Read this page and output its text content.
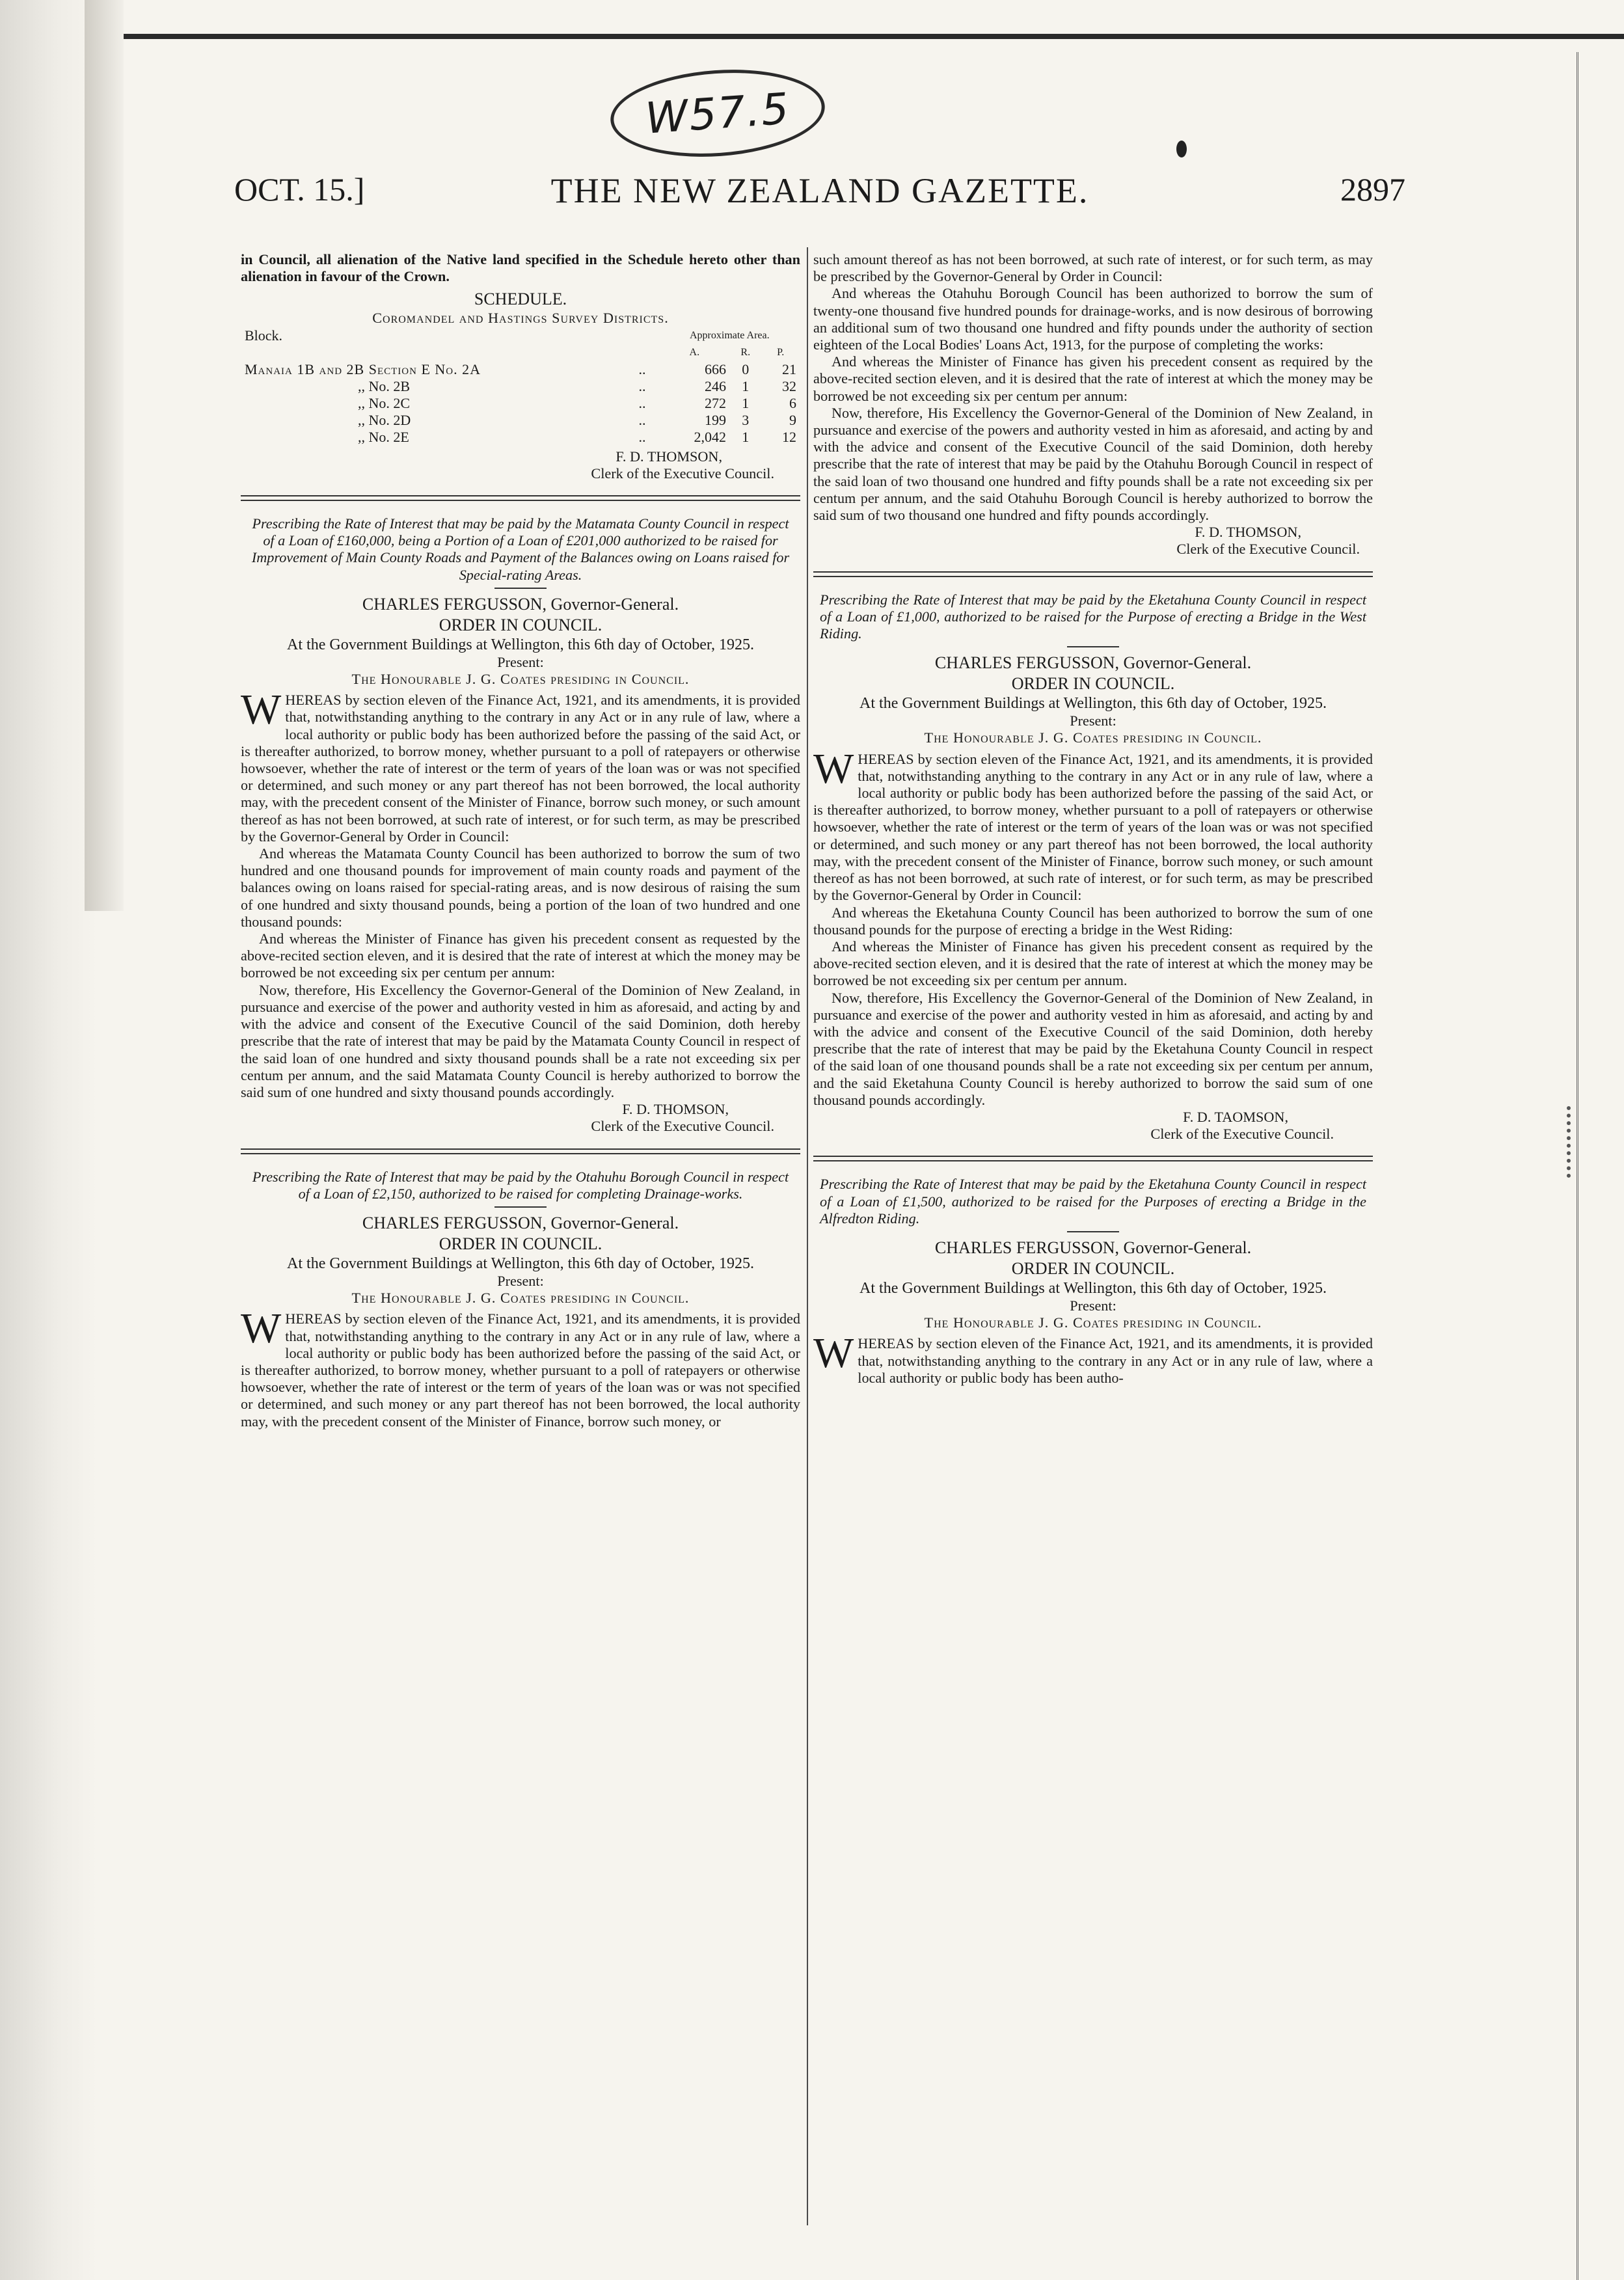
W57.5
OCT. 15.]	THE NEW ZEALAND GAZETTE.	2897

in Council, all alienation of the Native land specified in the Schedule hereto other than alienation in favour of the Crown.

SCHEDULE.

Coromandel and Hastings Survey Districts.

Block.		Approximate Area.		
		A.	R.	P.
Manaia 1B and 2B Section E No. 2A	..	666	0	21
,, No. 2B	..	246	1	32
,, No. 2C	..	272	1	6
,, No. 2D	..	199	3	9
,, No. 2E	..	2,042	1	12
F. D. THOMSON,
Clerk of the Executive Council.

Prescribing the Rate of Interest that may be paid by the Matamata County Council in respect of a Loan of £160,000, being a Portion of a Loan of £201,000 authorized to be raised for Improvement of Main County Roads and Payment of the Balances owing on Loans raised for Special-rating Areas.

CHARLES FERGUSSON, Governor-General.

ORDER IN COUNCIL.

At the Government Buildings at Wellington, this 6th day of October, 1925.

Present:

The Honourable J. G. Coates presiding in Council.

WHEREAS by section eleven of the Finance Act, 1921, and its amendments, it is provided that, notwithstanding anything to the contrary in any Act or in any rule of law, where a local authority or public body has been authorized before the passing of the said Act, or is thereafter authorized, to borrow money, whether pursuant to a poll of ratepayers or otherwise howsoever, whether the rate of interest or the term of years of the loan was or was not specified or determined, and such money or any part thereof has not been borrowed, the local authority may, with the precedent consent of the Minister of Finance, borrow such money, or such amount thereof as has not been borrowed, at such rate of interest, or for such term, as may be prescribed by the Governor-General by Order in Council:

And whereas the Matamata County Council has been authorized to borrow the sum of two hundred and one thousand pounds for improvement of main county roads and payment of the balances owing on loans raised for special-rating areas, and is now desirous of raising the sum of one hundred and sixty thousand pounds, being a portion of the loan of two hundred and one thousand pounds:

And whereas the Minister of Finance has given his precedent consent as requested by the above-recited section eleven, and it is desired that the rate of interest at which the money may be borrowed be not exceeding six per centum per annum:

Now, therefore, His Excellency the Governor-General of the Dominion of New Zealand, in pursuance and exercise of the power and authority vested in him as aforesaid, and acting by and with the advice and consent of the Executive Council of the said Dominion, doth hereby prescribe that the rate of interest that may be paid by the Matamata County Council in respect of the said loan of one hundred and sixty thousand pounds shall be a rate not exceeding six per centum per annum, and the said Matamata County Council is hereby authorized to borrow the said sum of one hundred and sixty thousand pounds accordingly.

F. D. THOMSON,
Clerk of the Executive Council.

Prescribing the Rate of Interest that may be paid by the Otahuhu Borough Council in respect of a Loan of £2,150, authorized to be raised for completing Drainage-works.

CHARLES FERGUSSON, Governor-General.

ORDER IN COUNCIL.

At the Government Buildings at Wellington, this 6th day of October, 1925.

Present:

The Honourable J. G. Coates presiding in Council.

WHEREAS by section eleven of the Finance Act, 1921, and its amendments, it is provided that, notwithstanding anything to the contrary in any Act or in any rule of law, where a local authority or public body has been authorized before the passing of the said Act, or is thereafter authorized, to borrow money, whether pursuant to a poll of ratepayers or otherwise howsoever, whether the rate of interest or the term of years of the loan was or was not specified or determined, and such money or any part thereof has not been borrowed, the local authority may, with the precedent consent of the Minister of Finance, borrow such money, or

such amount thereof as has not been borrowed, at such rate of interest, or for such term, as may be prescribed by the Governor-General by Order in Council:

And whereas the Otahuhu Borough Council has been authorized to borrow the sum of twenty-one thousand five hundred pounds for drainage-works, and is now desirous of borrowing an additional sum of two thousand one hundred and fifty pounds under the authority of section eighteen of the Local Bodies' Loans Act, 1913, for the purpose of completing the works:

And whereas the Minister of Finance has given his precedent consent as required by the above-recited section eleven, and it is desired that the rate of interest at which the money may be borrowed be not exceeding six per centum per annum:

Now, therefore, His Excellency the Governor-General of the Dominion of New Zealand, in pursuance and exercise of the powers and authority vested in him as aforesaid, and acting by and with the advice and consent of the Executive Council of the said Dominion, doth hereby prescribe that the rate of interest that may be paid by the Otahuhu Borough Council in respect of the said loan of two thousand one hundred and fifty pounds shall be a rate not exceeding six per centum per annum, and the said Otahuhu Borough Council is hereby authorized to borrow the said sum of two thousand one hundred and fifty pounds accordingly.

F. D. THOMSON,
Clerk of the Executive Council.

Prescribing the Rate of Interest that may be paid by the Eketahuna County Council in respect of a Loan of £1,000, authorized to be raised for the Purpose of erecting a Bridge in the West Riding.

CHARLES FERGUSSON, Governor-General.

ORDER IN COUNCIL.

At the Government Buildings at Wellington, this 6th day of October, 1925.

Present:

The Honourable J. G. Coates presiding in Council.

WHEREAS by section eleven of the Finance Act, 1921, and its amendments, it is provided that, notwithstanding anything to the contrary in any Act or in any rule of law, where a local authority or public body has been authorized before the passing of the said Act, or is thereafter authorized, to borrow money, whether pursuant to a poll of ratepayers or otherwise howsoever, whether the rate of interest or the term of years of the loan was or was not specified or determined, and such money or any part thereof has not been borrowed, the local authority may, with the precedent consent of the Minister of Finance, borrow such money, or such amount thereof as has not been borrowed, at such rate of interest, or for such term, as may be prescribed by the Governor-General by Order in Council:

And whereas the Eketahuna County Council has been authorized to borrow the sum of one thousand pounds for the purpose of erecting a bridge in the West Riding:

And whereas the Minister of Finance has given his precedent consent as required by the above-recited section eleven, and it is desired that the rate of interest at which the money may be borrowed be not exceeding six per centum per annum.

Now, therefore, His Excellency the Governor-General of the Dominion of New Zealand, in pursuance and exercise of the power and authority vested in him as aforesaid, and acting by and with the advice and consent of the Executive Council of the said Dominion, doth hereby prescribe that the rate of interest that may be paid by the Eketahuna County Council in respect of the said loan of one thousand pounds shall be a rate not exceeding six per centum per annum, and the said Eketahuna County Council is hereby authorized to borrow the said sum of one thousand pounds accordingly.

F. D. TAOMSON,
Clerk of the Executive Council.

Prescribing the Rate of Interest that may be paid by the Eketahuna County Council in respect of a Loan of £1,500, authorized to be raised for the Purposes of erecting a Bridge in the Alfredton Riding.

CHARLES FERGUSSON, Governor-General.

ORDER IN COUNCIL.

At the Government Buildings at Wellington, this 6th day of October, 1925.

Present:

The Honourable J. G. Coates presiding in Council.

WHEREAS by section eleven of the Finance Act, 1921, and its amendments, it is provided that, notwithstanding anything to the contrary in any Act or in any rule of law, where a local authority or public body has been autho-
